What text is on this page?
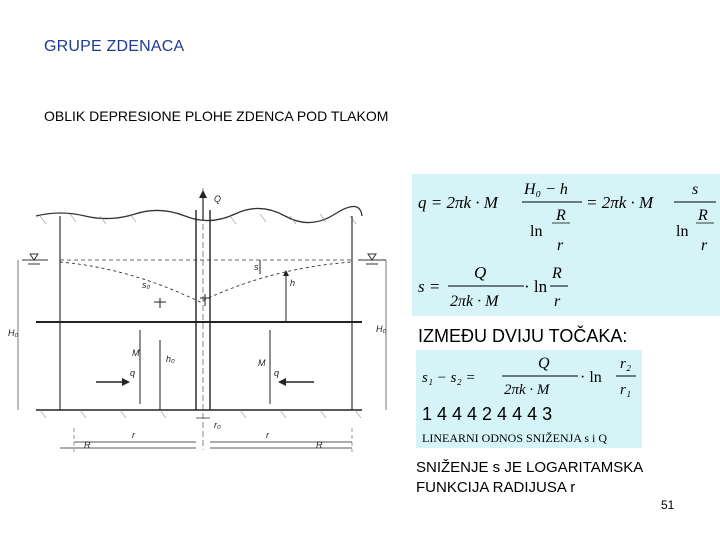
GRUPE ZDENACA
OBLIK DEPRESIONE PLOHE ZDENCA POD TLAKOM
Q
s
s₀	h
H₀	H₀
M
M
h₀
q	q
r₀
r	r
R	R
q = 2πk · M
H₀ − h
R
ln
r
= 2πk · M
s
R
ln
r
s =
Q
2πk · M
· ln
R
r
IZMEĐU DVIJU TOČAKA:
s₁ − s₂ =
Q
2πk · M
· ln
r₂
r₁
1 4 4 4 2 4 4 4 3
LINEARNI ODNOS SNIŽENJA s i Q
SNIŽENJE s JE LOGARITAMSKA
FUNKCIJA RADIJUSA r
51
